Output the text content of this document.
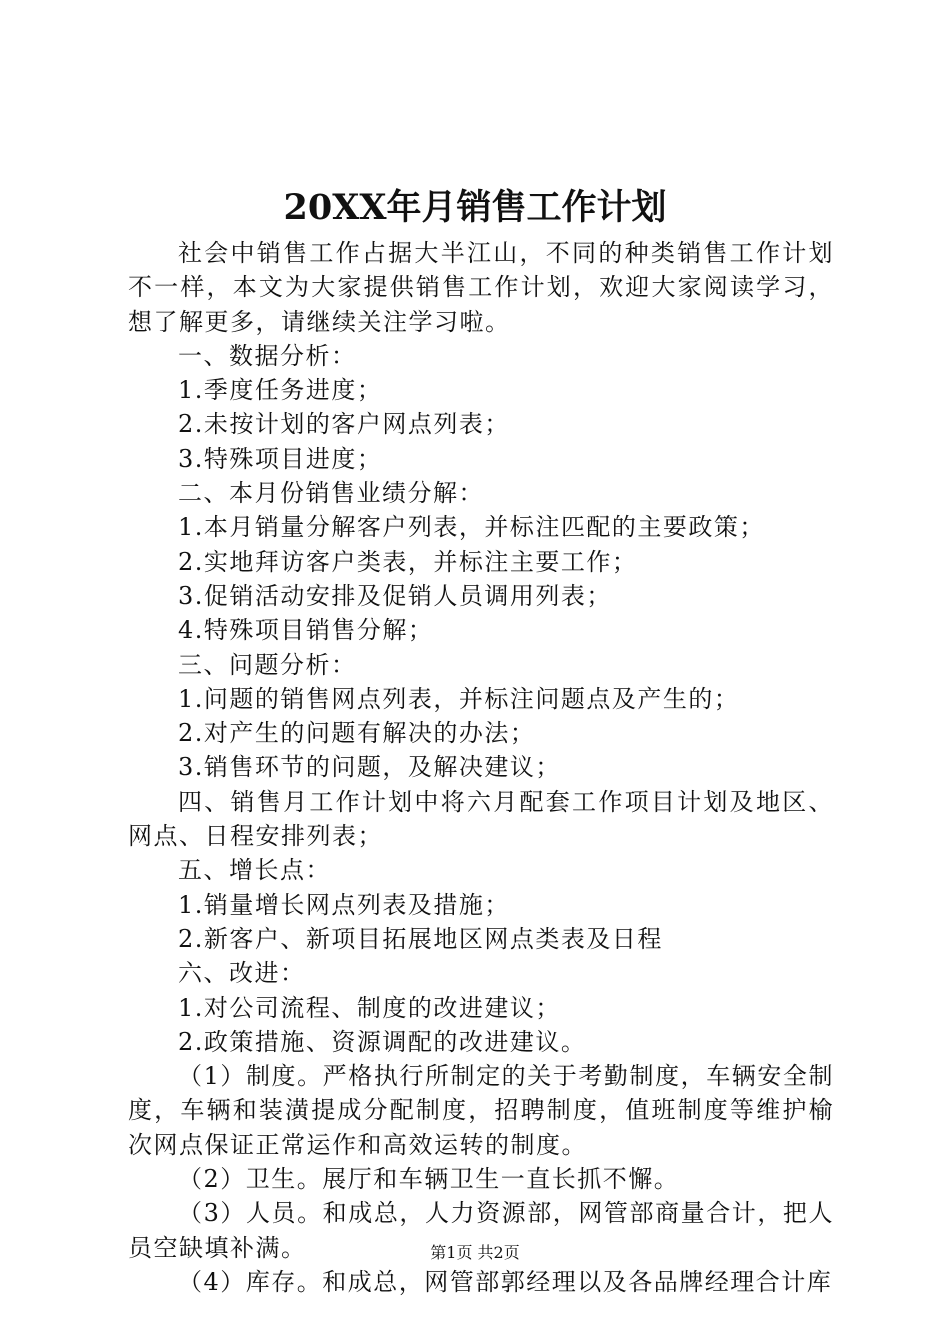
20XX年月销售工作计划

社会中销售工作占据大半江山，不同的种类销售工作计划不一样，本文为大家提供销售工作计划，欢迎大家阅读学习，想了解更多，请继续关注学习啦。

一、数据分析：

1.季度任务进度；

2.未按计划的客户网点列表；

3.特殊项目进度；

二、本月份销售业绩分解：

1.本月销量分解客户列表，并标注匹配的主要政策；

2.实地拜访客户类表，并标注主要工作；

3.促销活动安排及促销人员调用列表；

4.特殊项目销售分解；

三、问题分析：

1.问题的销售网点列表，并标注问题点及产生的；

2.对产生的问题有解决的办法；

3.销售环节的问题，及解决建议；

四、销售月工作计划中将六月配套工作项目计划及地区、网点、日程安排列表；

五、增长点：

1.销量增长网点列表及措施；

2.新客户、新项目拓展地区网点类表及日程

六、改进：

1.对公司流程、制度的改进建议；

2.政策措施、资源调配的改进建议。

（1）制度。严格执行所制定的关于考勤制度，车辆安全制度，车辆和装潢提成分配制度，招聘制度，值班制度等维护榆次网点保证正常运作和高效运转的制度。

（2）卫生。展厅和车辆卫生一直长抓不懈。

（3）人员。和成总，人力资源部，网管部商量合计，把人员空缺填补满。

（4）库存。和成总，网管部郭经理以及各品牌经理合计库

第1页 共2页
